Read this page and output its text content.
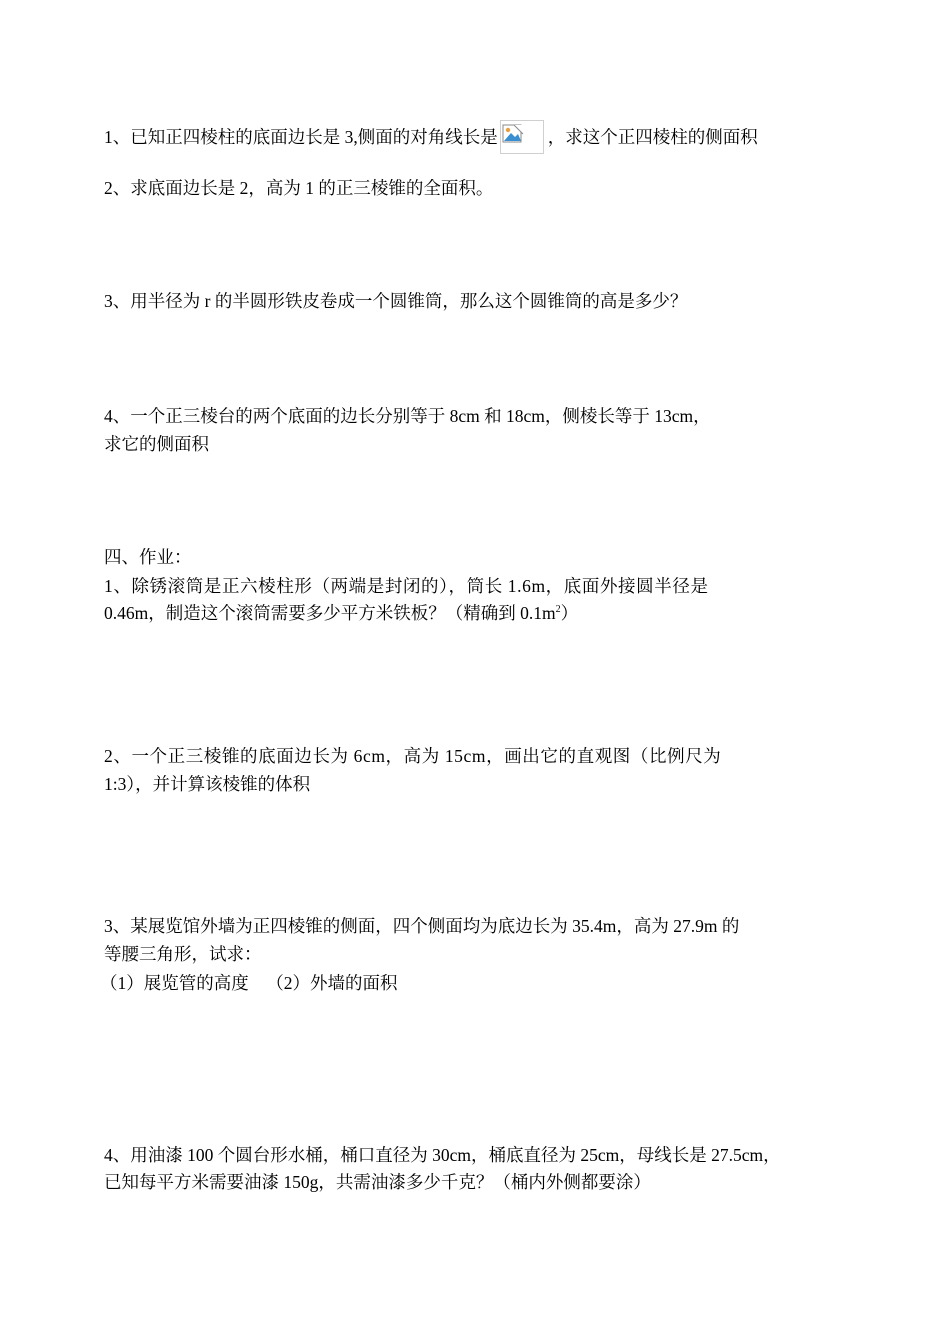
1、已知正四棱柱的底面边长是 3,侧面的对角线长是	，求这个正四棱柱的侧面积
2、求底面边长是 2，高为 1 的正三棱锥的全面积。
3、用半径为 r 的半圆形铁皮卷成一个圆锥筒，那么这个圆锥筒的高是多少？
4、一个正三棱台的两个底面的边长分别等于 8cm 和 18cm，侧棱长等于 13cm，
求它的侧面积
四、作业：
1、除锈滚筒是正六棱柱形（两端是封闭的），筒长 1.6m，底面外接圆半径是
0.46m，制造这个滚筒需要多少平方米铁板？（精确到 $0.1m^2$）
2、一个正三棱锥的底面边长为 6cm，高为 15cm，画出它的直观图（比例尺为
1:3），并计算该棱锥的体积
3、某展览馆外墙为正四棱锥的侧面，四个侧面均为底边长为 35.4m，高为 27.9m 的
等腰三角形，试求：
（1）展览管的高度    （2）外墙的面积
4、用油漆 100 个圆台形水桶，桶口直径为 30cm，桶底直径为 25cm，母线长是 27.5cm，
已知每平方米需要油漆 150g，共需油漆多少千克？（桶内外侧都要涂）
